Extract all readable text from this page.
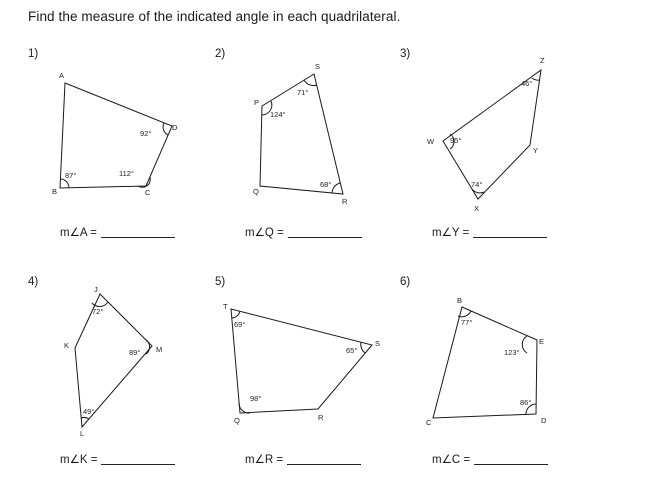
Find the measure of the indicated angle in each quadrilateral.
1)	2)	3)
4)	5)	6)
A
D
C
B
92°
112°
87°
P
S
R
Q
124°
71°
68°
Z
Y
X
W
46°
74°
95°
J
M
L
K
72°
89°
49°
T
S
R
Q
69°
65°
98°
B
E
D
C
77°
123°
86°
m∠A =	m∠Q =	m∠Y =
m∠K =	m∠R =	m∠C =
